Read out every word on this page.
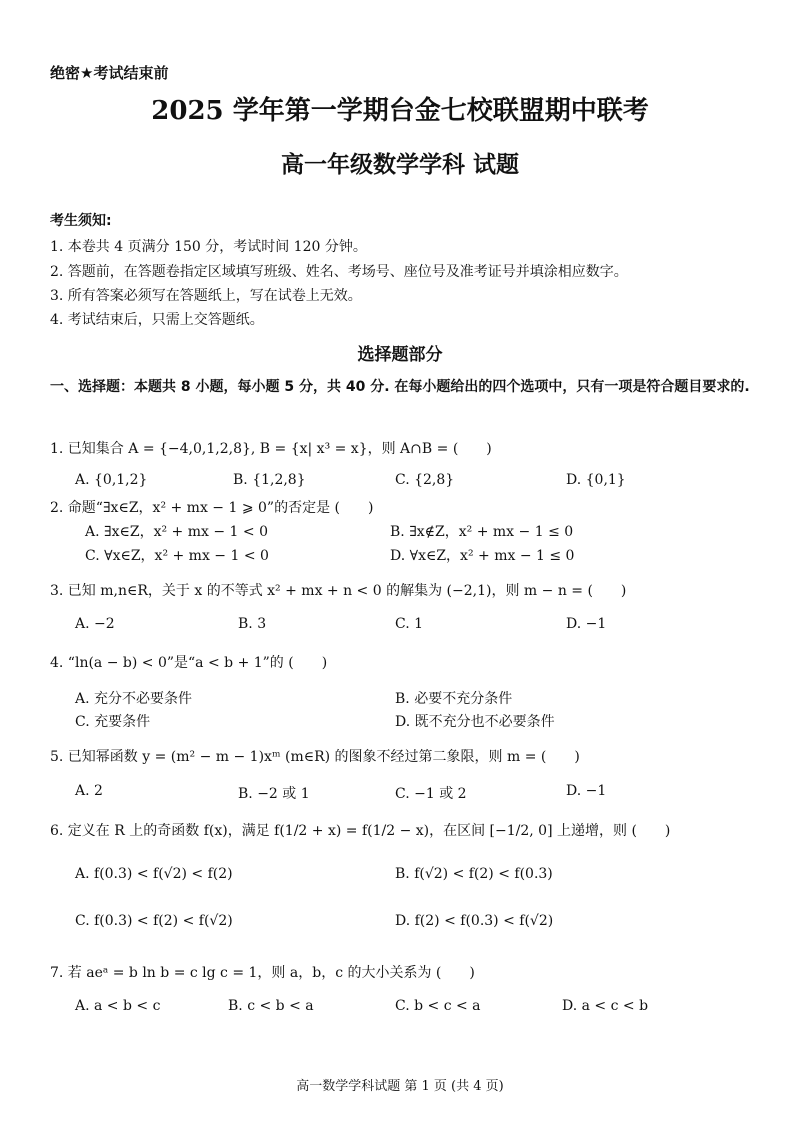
绝密★考试结束前
2025 学年第一学期台金七校联盟期中联考
高一年级数学学科 试题
考生须知:
1. 本卷共 4 页满分 150 分，考试时间 120 分钟。
2. 答题前，在答题卷指定区域填写班级、姓名、考场号、座位号及准考证号并填涂相应数字。
3. 所有答案必须写在答题纸上，写在试卷上无效。
4. 考试结束后，只需上交答题纸。
选择题部分
一、选择题：本题共 8 小题，每小题 5 分，共 40 分. 在每小题给出的四个选项中，只有一项是符合题目要求的.
1. 已知集合 A = {−4,0,1,2,8}, B = {x| x³ = x}，则 A∩B = (　　)
A. {0,1,2}	B. {1,2,8}	C. {2,8}	D. {0,1}
2. 命题“∃x∈Z，x² + mx − 1 ⩾ 0”的否定是 (　　)
A. ∃x∈Z，x² + mx − 1 < 0	B. ∃x∉Z，x² + mx − 1 ≤ 0
C. ∀x∈Z，x² + mx − 1 < 0	D. ∀x∈Z，x² + mx − 1 ≤ 0
3. 已知 m,n∈R，关于 x 的不等式 x² + mx + n < 0 的解集为 (−2,1)，则 m − n = (　　)
A. −2	B. 3	C. 1	D. −1
4. “ln(a − b) < 0”是“a < b + 1”的 (　　)
A. 充分不必要条件	B. 必要不充分条件
C. 充要条件	D. 既不充分也不必要条件
5. 已知幂函数 y = (m² − m − 1)xᵐ (m∈R) 的图象不经过第二象限，则 m = (　　)
A. 2	B. −2 或 1	C. −1 或 2	D. −1
6. 定义在 R 上的奇函数 f(x)，满足 f(1/2 + x) = f(1/2 − x)，在区间 [−1/2, 0] 上递增，则 (　　)
A. f(0.3) < f(√2) < f(2)	B. f(√2) < f(2) < f(0.3)
C. f(0.3) < f(2) < f(√2)	D. f(2) < f(0.3) < f(√2)
7. 若 aeᵃ = b ln b = c lg c = 1，则 a，b，c 的大小关系为 (　　)
A. a < b < c	B. c < b < a	C. b < c < a	D. a < c < b
高一数学学科试题 第 1 页 (共 4 页)
